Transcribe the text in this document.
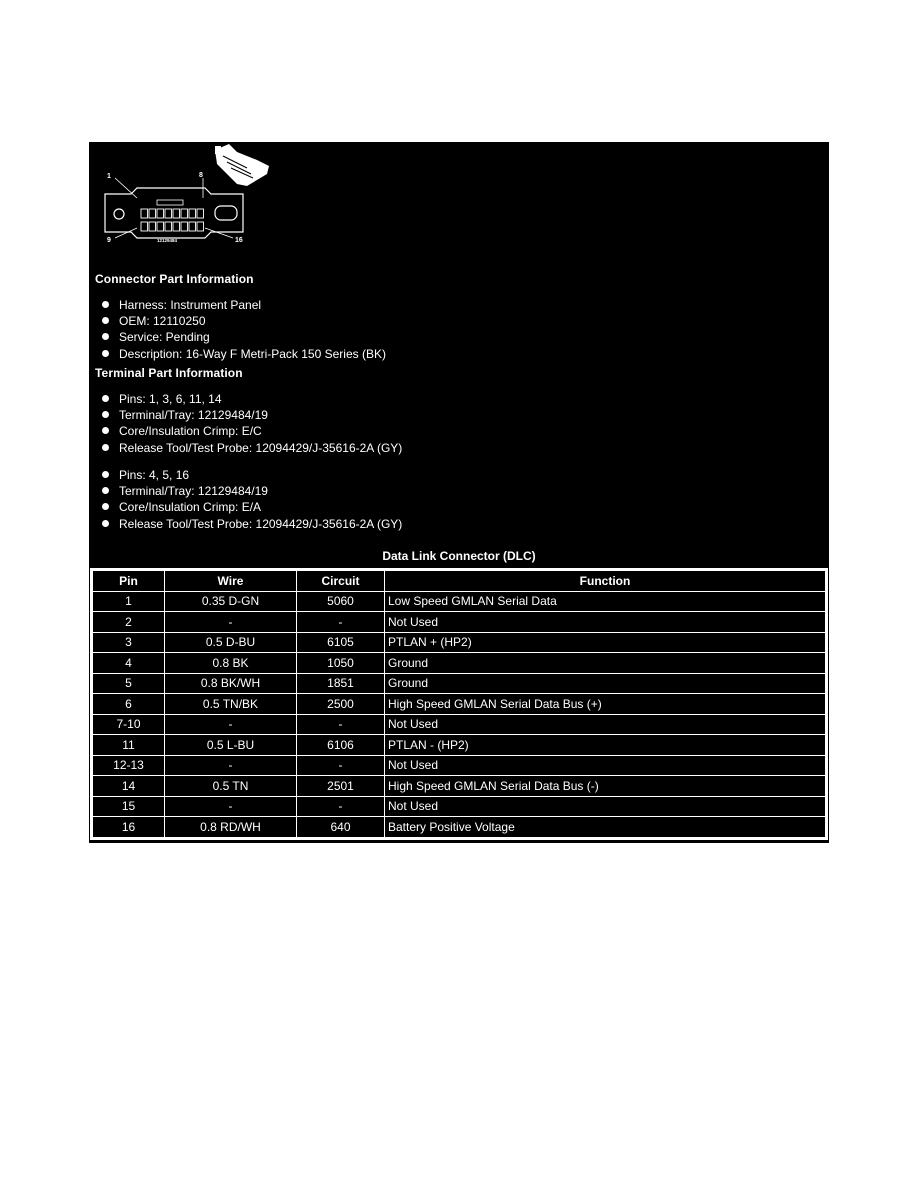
1	8
9	16
12129484
Connector Part Information
Harness: Instrument Panel
OEM: 12110250
Service: Pending
Description: 16-Way F Metri-Pack 150 Series (BK)
Terminal Part Information
Pins: 1, 3, 6, 11, 14
Terminal/Tray: 12129484/19
Core/Insulation Crimp: E/C
Release Tool/Test Probe: 12094429/J-35616-2A (GY)
Pins: 4, 5, 16
Terminal/Tray: 12129484/19
Core/Insulation Crimp: E/A
Release Tool/Test Probe: 12094429/J-35616-2A (GY)
Data Link Connector (DLC)
Pin	Wire	Circuit	Function
1	0.35 D-GN	5060	Low Speed GMLAN Serial Data
2	-	-	Not Used
3	0.5 D-BU	6105	PTLAN + (HP2)
4	0.8 BK	1050	Ground
5	0.8 BK/WH	1851	Ground
6	0.5 TN/BK	2500	High Speed GMLAN Serial Data Bus (+)
7-10	-	-	Not Used
11	0.5 L-BU	6106	PTLAN - (HP2)
12-13	-	-	Not Used
14	0.5 TN	2501	High Speed GMLAN Serial Data Bus (-)
15	-	-	Not Used
16	0.8 RD/WH	640	Battery Positive Voltage
